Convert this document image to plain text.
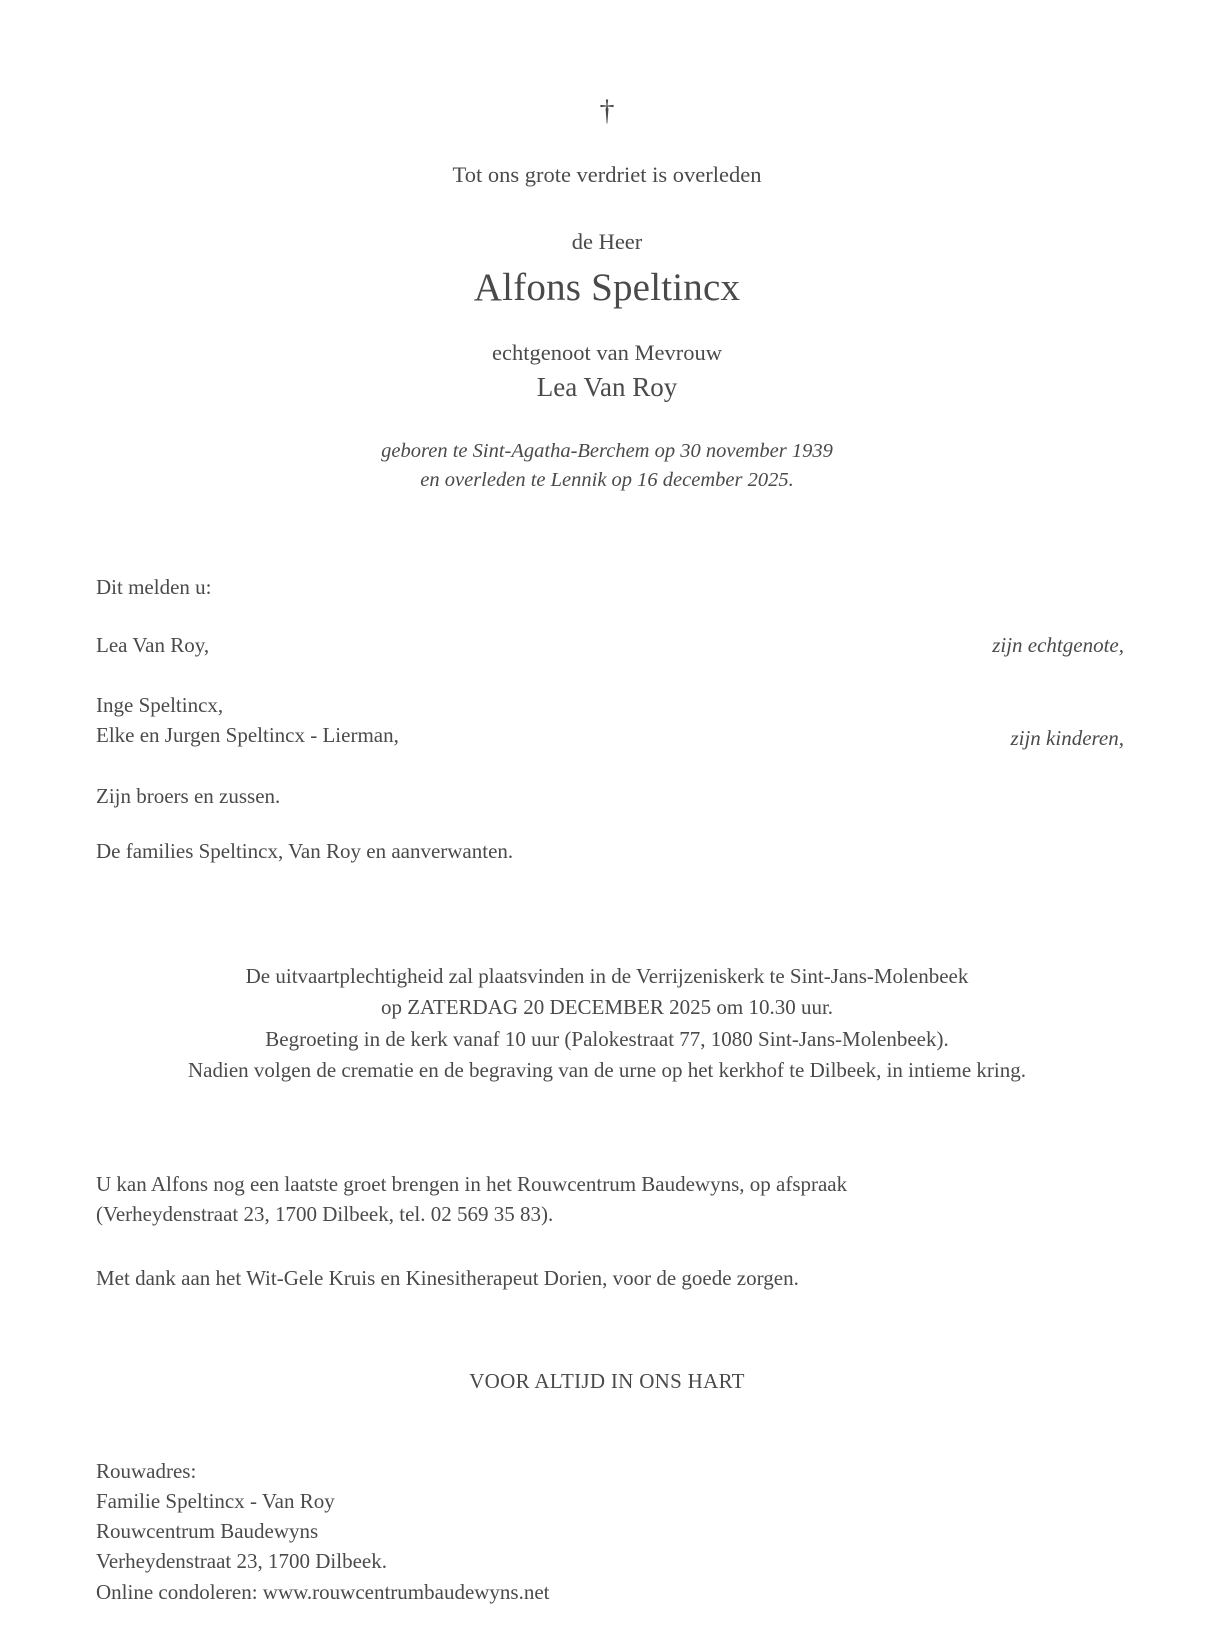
†
Tot ons grote verdriet is overleden
de Heer
Alfons Speltincx
echtgenoot van Mevrouw
Lea Van Roy
geboren te Sint-Agatha-Berchem op 30 november 1939
en overleden te Lennik op 16 december 2025.
Dit melden u:
Lea Van Roy,	zijn echtgenote,
Inge Speltincx,
Elke en Jurgen Speltincx - Lierman,	zijn kinderen,
Zijn broers en zussen.
De families Speltincx, Van Roy en aanverwanten.
De uitvaartplechtigheid zal plaatsvinden in de Verrijzeniskerk te Sint-Jans-Molenbeek
op ZATERDAG 20 DECEMBER 2025 om 10.30 uur.
Begroeting in de kerk vanaf 10 uur (Palokestraat 77, 1080 Sint-Jans-Molenbeek).
Nadien volgen de crematie en de begraving van de urne op het kerkhof te Dilbeek, in intieme kring.
U kan Alfons nog een laatste groet brengen in het Rouwcentrum Baudewyns, op afspraak
(Verheydenstraat 23, 1700 Dilbeek, tel. 02 569 35 83).
Met dank aan het Wit-Gele Kruis en Kinesitherapeut Dorien, voor de goede zorgen.
VOOR ALTIJD IN ONS HART
Rouwadres:
Familie Speltincx - Van Roy
Rouwcentrum Baudewyns
Verheydenstraat 23, 1700 Dilbeek.
Online condoleren: www.rouwcentrumbaudewyns.net
